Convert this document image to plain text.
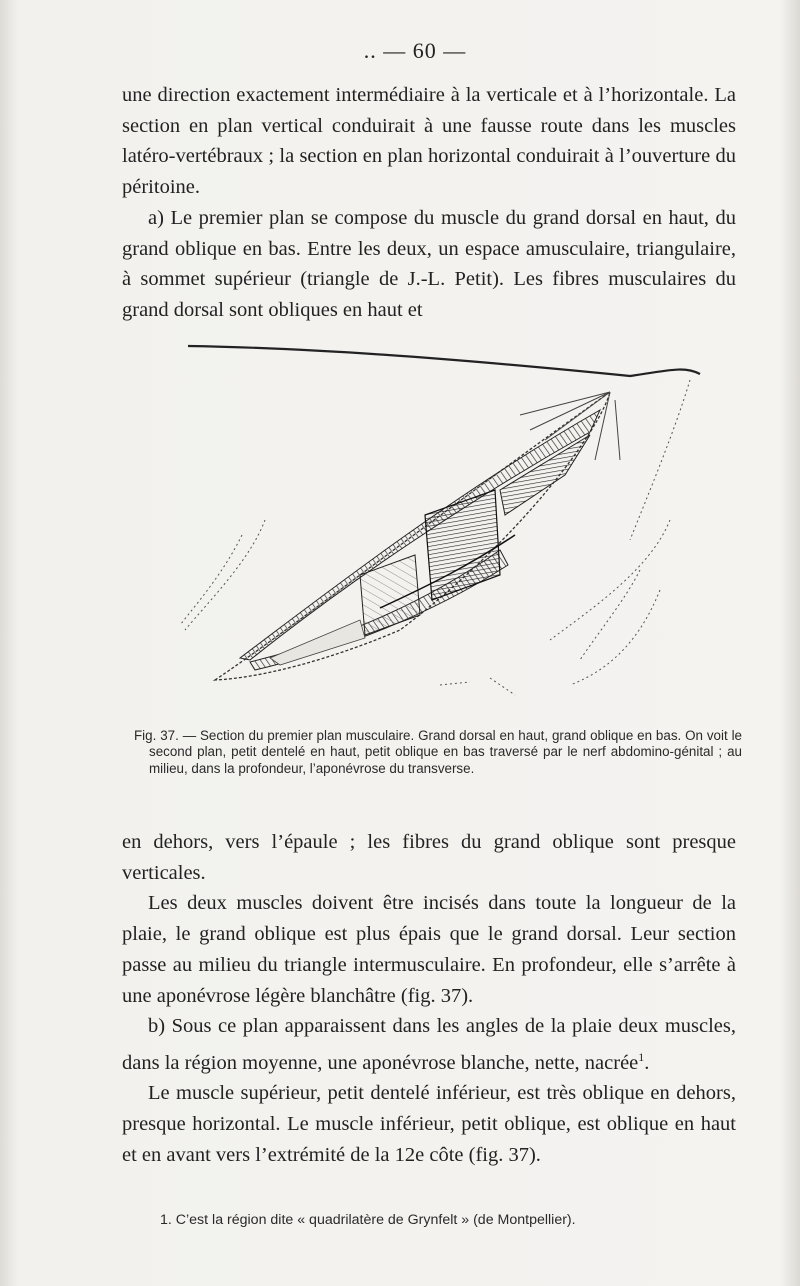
.. — 60 —

une direction exactement intermédiaire à la verticale et à l’horizontale. La section en plan vertical conduirait à une fausse route dans les muscles latéro-vertébraux ; la section en plan horizontal conduirait à l’ouverture du péritoine.

a) Le premier plan se compose du muscle du grand dorsal en haut, du grand oblique en bas. Entre les deux, un espace amusculaire, triangulaire, à sommet supérieur (triangle de J.-L. Petit). Les fibres musculaires du grand dorsal sont obliques en haut et

Fig. 37. — Section du premier plan musculaire. Grand dorsal en haut, grand oblique en bas. On voit le second plan, petit dentelé en haut, petit oblique en bas traversé par le nerf abdomino-génital ; au milieu, dans la profondeur, l’aponévrose du transverse.

en dehors, vers l’épaule ; les fibres du grand oblique sont presque verticales.

Les deux muscles doivent être incisés dans toute la longueur de la plaie, le grand oblique est plus épais que le grand dorsal. Leur section passe au milieu du triangle intermusculaire. En profondeur, elle s’arrête à une aponévrose légère blanchâtre (fig. 37).

b) Sous ce plan apparaissent dans les angles de la plaie deux muscles, dans la région moyenne, une aponévrose blanche, nette, nacrée$^1$.

Le muscle supérieur, petit dentelé inférieur, est très oblique en dehors, presque horizontal. Le muscle inférieur, petit oblique, est oblique en haut et en avant vers l’extrémité de la 12e côte (fig. 37).

1. C’est la région dite « quadrilatère de Grynfelt » (de Montpellier).
